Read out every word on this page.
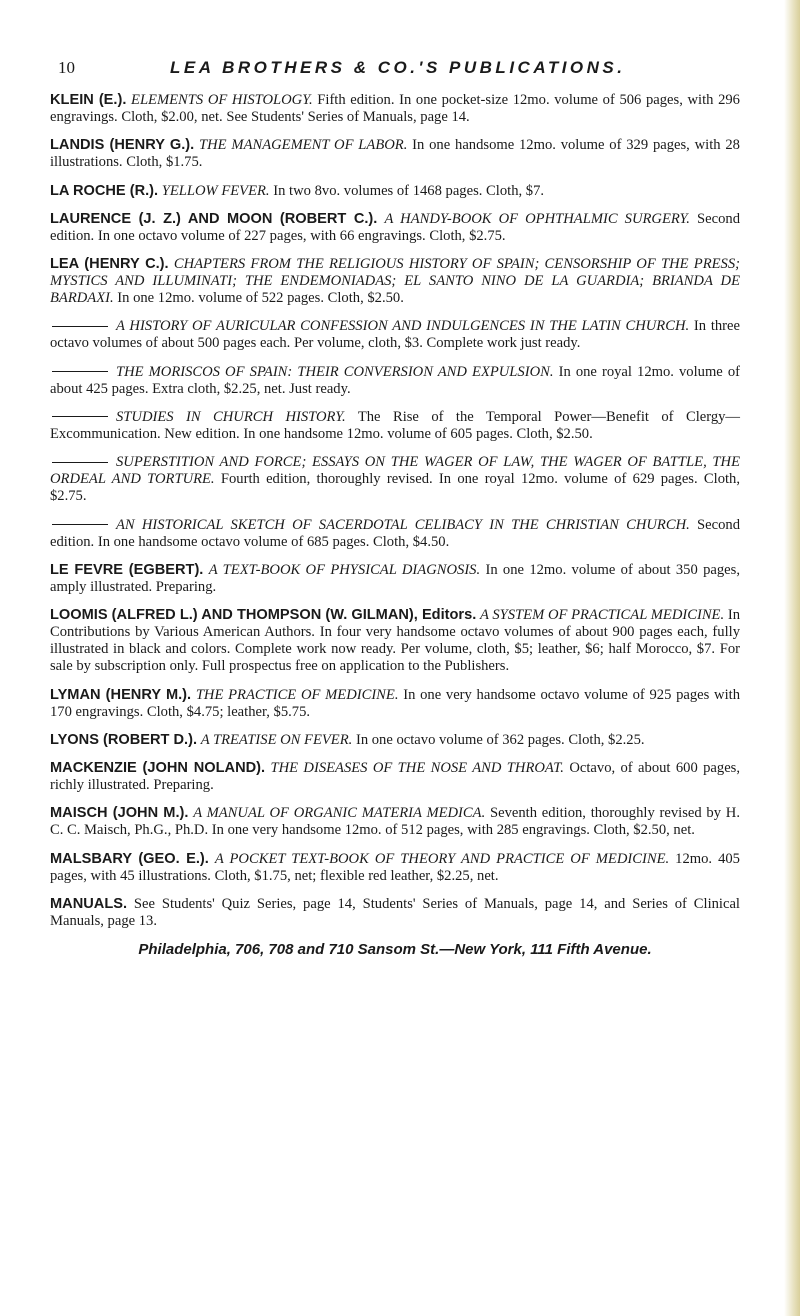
10	LEA BROTHERS & CO.'S PUBLICATIONS.

KLEIN (E.). ELEMENTS OF HISTOLOGY. Fifth edition. In one pocket-size 12mo. volume of 506 pages, with 296 engravings. Cloth, $2.00, net. See Students' Series of Manuals, page 14.

LANDIS (HENRY G.). THE MANAGEMENT OF LABOR. In one handsome 12mo. volume of 329 pages, with 28 illustrations. Cloth, $1.75.

LA ROCHE (R.). YELLOW FEVER. In two 8vo. volumes of 1468 pages. Cloth, $7.

LAURENCE (J. Z.) AND MOON (ROBERT C.). A HANDY-BOOK OF OPHTHALMIC SURGERY. Second edition. In one octavo volume of 227 pages, with 66 engravings. Cloth, $2.75.

LEA (HENRY C.). CHAPTERS FROM THE RELIGIOUS HISTORY OF SPAIN; CENSORSHIP OF THE PRESS; MYSTICS AND ILLUMINATI; THE ENDEMONIADAS; EL SANTO NINO DE LA GUARDIA; BRIANDA DE BARDAXI. In one 12mo. volume of 522 pages. Cloth, $2.50.

A HISTORY OF AURICULAR CONFESSION AND INDULGENCES IN THE LATIN CHURCH. In three octavo volumes of about 500 pages each. Per volume, cloth, $3. Complete work just ready.

THE MORISCOS OF SPAIN: THEIR CONVERSION AND EXPULSION. In one royal 12mo. volume of about 425 pages. Extra cloth, $2.25, net. Just ready.

STUDIES IN CHURCH HISTORY. The Rise of the Temporal Power—Benefit of Clergy—Excommunication. New edition. In one handsome 12mo. volume of 605 pages. Cloth, $2.50.

SUPERSTITION AND FORCE; ESSAYS ON THE WAGER OF LAW, THE WAGER OF BATTLE, THE ORDEAL AND TORTURE. Fourth edition, thoroughly revised. In one royal 12mo. volume of 629 pages. Cloth, $2.75.

AN HISTORICAL SKETCH OF SACERDOTAL CELIBACY IN THE CHRISTIAN CHURCH. Second edition. In one handsome octavo volume of 685 pages. Cloth, $4.50.

LE FEVRE (EGBERT). A TEXT-BOOK OF PHYSICAL DIAGNOSIS. In one 12mo. volume of about 350 pages, amply illustrated. Preparing.

LOOMIS (ALFRED L.) AND THOMPSON (W. GILMAN), Editors. A SYSTEM OF PRACTICAL MEDICINE. In Contributions by Various American Authors. In four very handsome octavo volumes of about 900 pages each, fully illustrated in black and colors. Complete work now ready. Per volume, cloth, $5; leather, $6; half Morocco, $7. For sale by subscription only. Full prospectus free on application to the Publishers.

LYMAN (HENRY M.). THE PRACTICE OF MEDICINE. In one very handsome octavo volume of 925 pages with 170 engravings. Cloth, $4.75; leather, $5.75.

LYONS (ROBERT D.). A TREATISE ON FEVER. In one octavo volume of 362 pages. Cloth, $2.25.

MACKENZIE (JOHN NOLAND). THE DISEASES OF THE NOSE AND THROAT. Octavo, of about 600 pages, richly illustrated. Preparing.

MAISCH (JOHN M.). A MANUAL OF ORGANIC MATERIA MEDICA. Seventh edition, thoroughly revised by H. C. C. Maisch, Ph.G., Ph.D. In one very handsome 12mo. of 512 pages, with 285 engravings. Cloth, $2.50, net.

MALSBARY (GEO. E.). A POCKET TEXT-BOOK OF THEORY AND PRACTICE OF MEDICINE. 12mo. 405 pages, with 45 illustrations. Cloth, $1.75, net; flexible red leather, $2.25, net.

MANUALS. See Students' Quiz Series, page 14, Students' Series of Manuals, page 14, and Series of Clinical Manuals, page 13.

Philadelphia, 706, 708 and 710 Sansom St.—New York, 111 Fifth Avenue.
